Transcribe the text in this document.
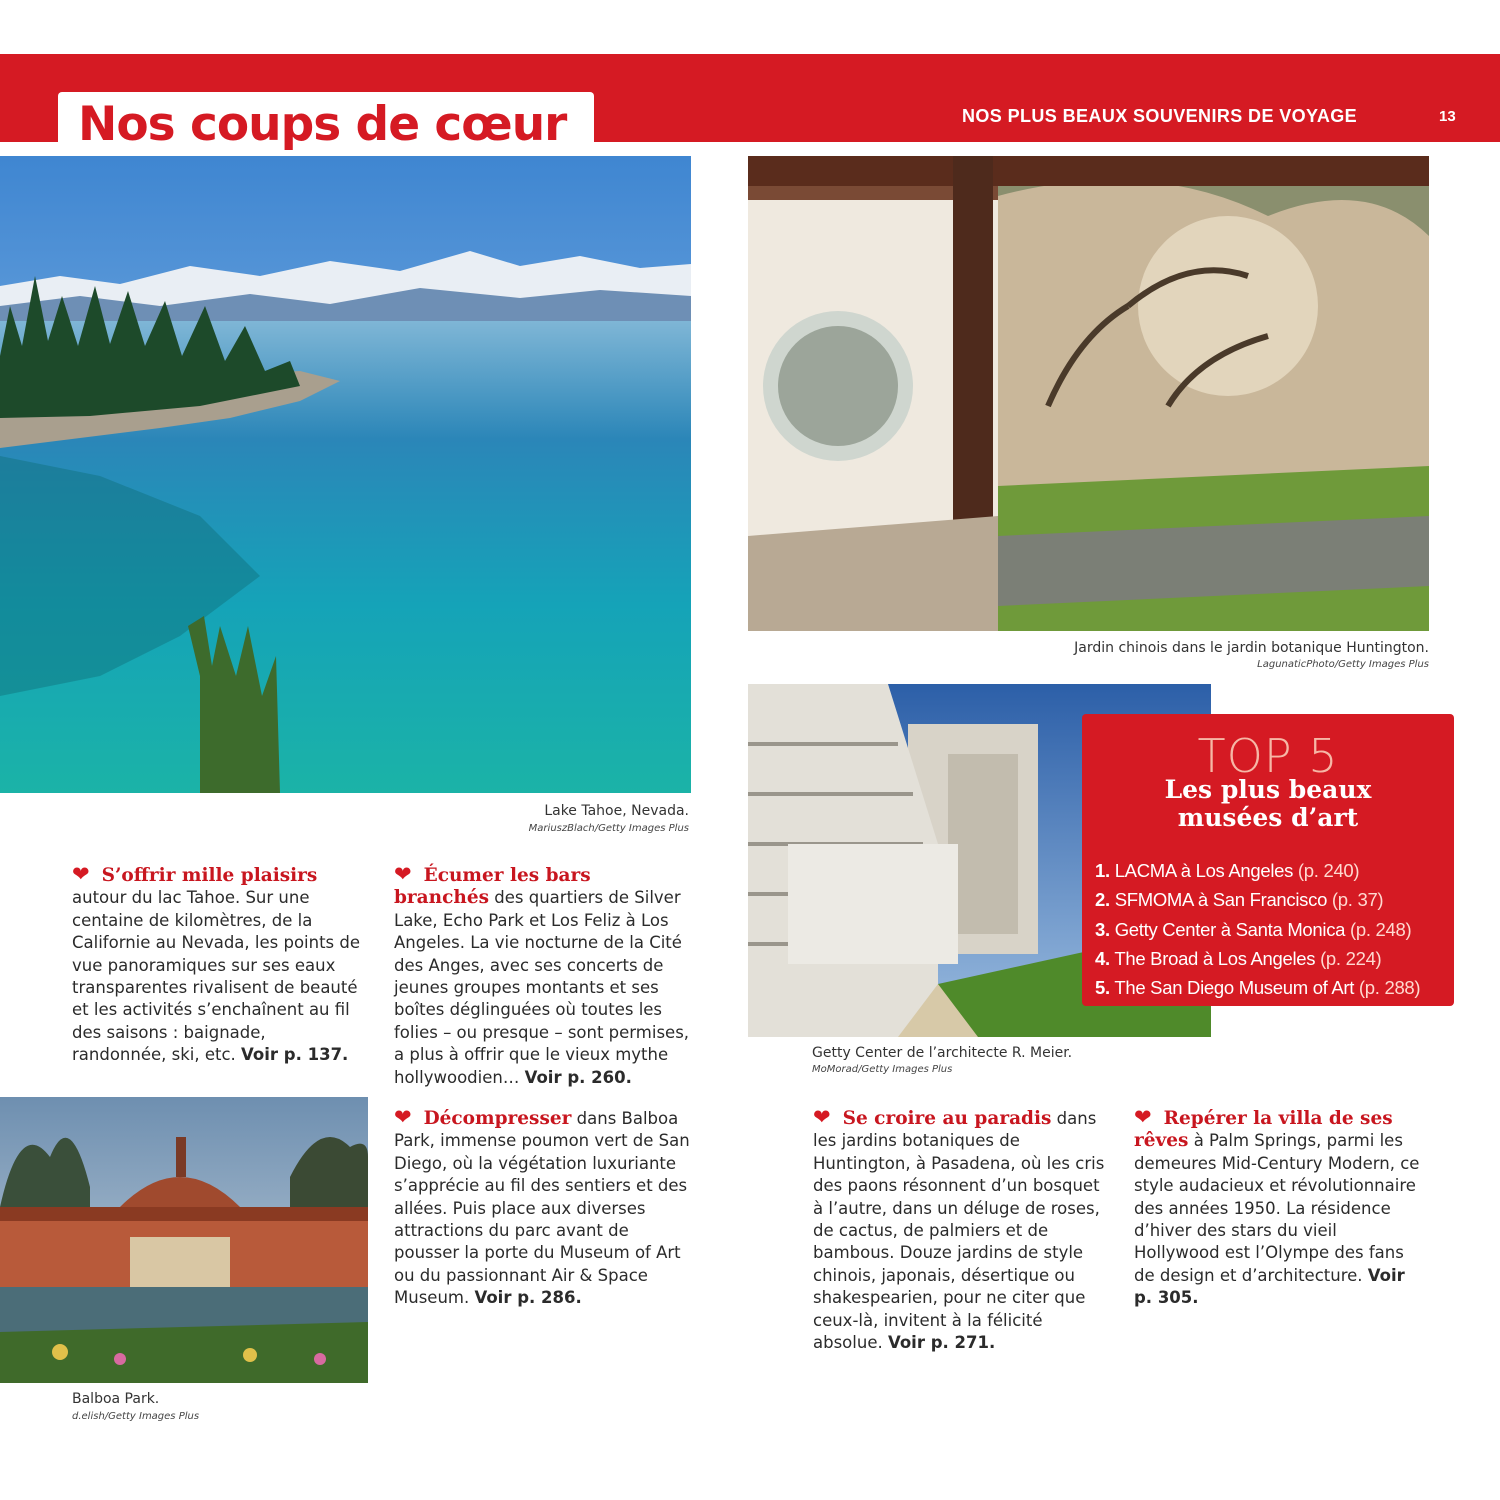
Nos coups de cœur	NOS PLUS BEAUX SOUVENIRS DE VOYAGE	13
Lake Tahoe, Nevada.
MariuszBlach/Getty Images Plus
Jardin chinois dans le jardin botanique Huntington.
LagunaticPhoto/Getty Images Plus
Getty Center de l’architecte R. Meier.
MoMorad/Getty Images Plus
TOP 5
Les plus beaux
musées d’art
1. LACMA à Los Angeles (p. 240)
2. SFMOMA à San Francisco (p. 37)
3. Getty Center à Santa Monica (p. 248)
4. The Broad à Los Angeles (p. 224)
5. The San Diego Museum of Art (p. 288)
Balboa Park.
d.elish/Getty Images Plus
❤ S’offrir mille plaisirs autour du lac Tahoe. Sur une centaine de kilomètres, de la Californie au Nevada, les points de vue panoramiques sur ses eaux transparentes rivalisent de beauté et les activités s’enchaînent au fil des saisons : baignade, randonnée, ski, etc. Voir p. 137.
❤ Écumer les bars branchés des quartiers de Silver Lake, Echo Park et Los Feliz à Los Angeles. La vie nocturne de la Cité des Anges, avec ses concerts de jeunes groupes montants et ses boîtes déglinguées où toutes les folies – ou presque – sont permises, a plus à offrir que le vieux mythe hollywoodien… Voir p. 260.
❤ Décompresser dans Balboa Park, immense poumon vert de San Diego, où la végétation luxuriante s’apprécie au fil des sentiers et des allées. Puis place aux diverses attractions du parc avant de pousser la porte du Museum of Art ou du passionnant Air & Space Museum. Voir p. 286.
❤ Se croire au paradis dans les jardins botaniques de Huntington, à Pasadena, où les cris des paons résonnent d’un bosquet à l’autre, dans un déluge de roses, de cactus, de palmiers et de bambous. Douze jardins de style chinois, japonais, désertique ou shakespearien, pour ne citer que ceux-là, invitent à la félicité absolue. Voir p. 271.
❤ Repérer la villa de ses rêves à Palm Springs, parmi les demeures Mid-Century Modern, ce style audacieux et révolutionnaire des années 1950. La résidence d’hiver des stars du vieil Hollywood est l’Olympe des fans de design et d’architecture. Voir p. 305.
